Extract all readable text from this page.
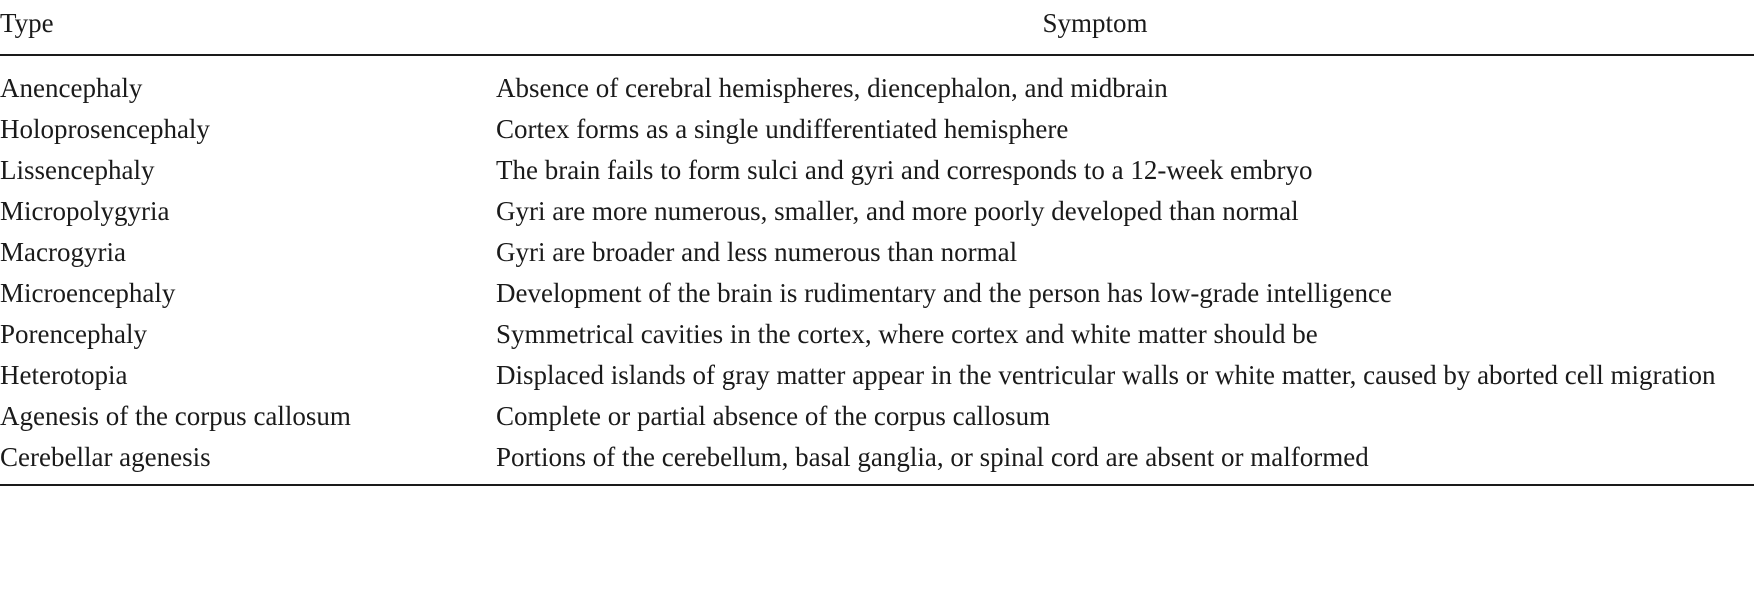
Type	Symptom
Anencephaly	Absence of cerebral hemispheres, diencephalon, and midbrain
Holoprosencephaly	Cortex forms as a single undifferentiated hemisphere
Lissencephaly	The brain fails to form sulci and gyri and corresponds to a 12-week embryo
Micropolygyria	Gyri are more numerous, smaller, and more poorly developed than normal
Macrogyria	Gyri are broader and less numerous than normal
Microencephaly	Development of the brain is rudimentary and the person has low-grade intelligence
Porencephaly	Symmetrical cavities in the cortex, where cortex and white matter should be
Heterotopia	Displaced islands of gray matter appear in the ventricular walls or white matter, caused by aborted cell migration
Agenesis of the corpus callosum	Complete or partial absence of the corpus callosum
Cerebellar agenesis	Portions of the cerebellum, basal ganglia, or spinal cord are absent or malformed
